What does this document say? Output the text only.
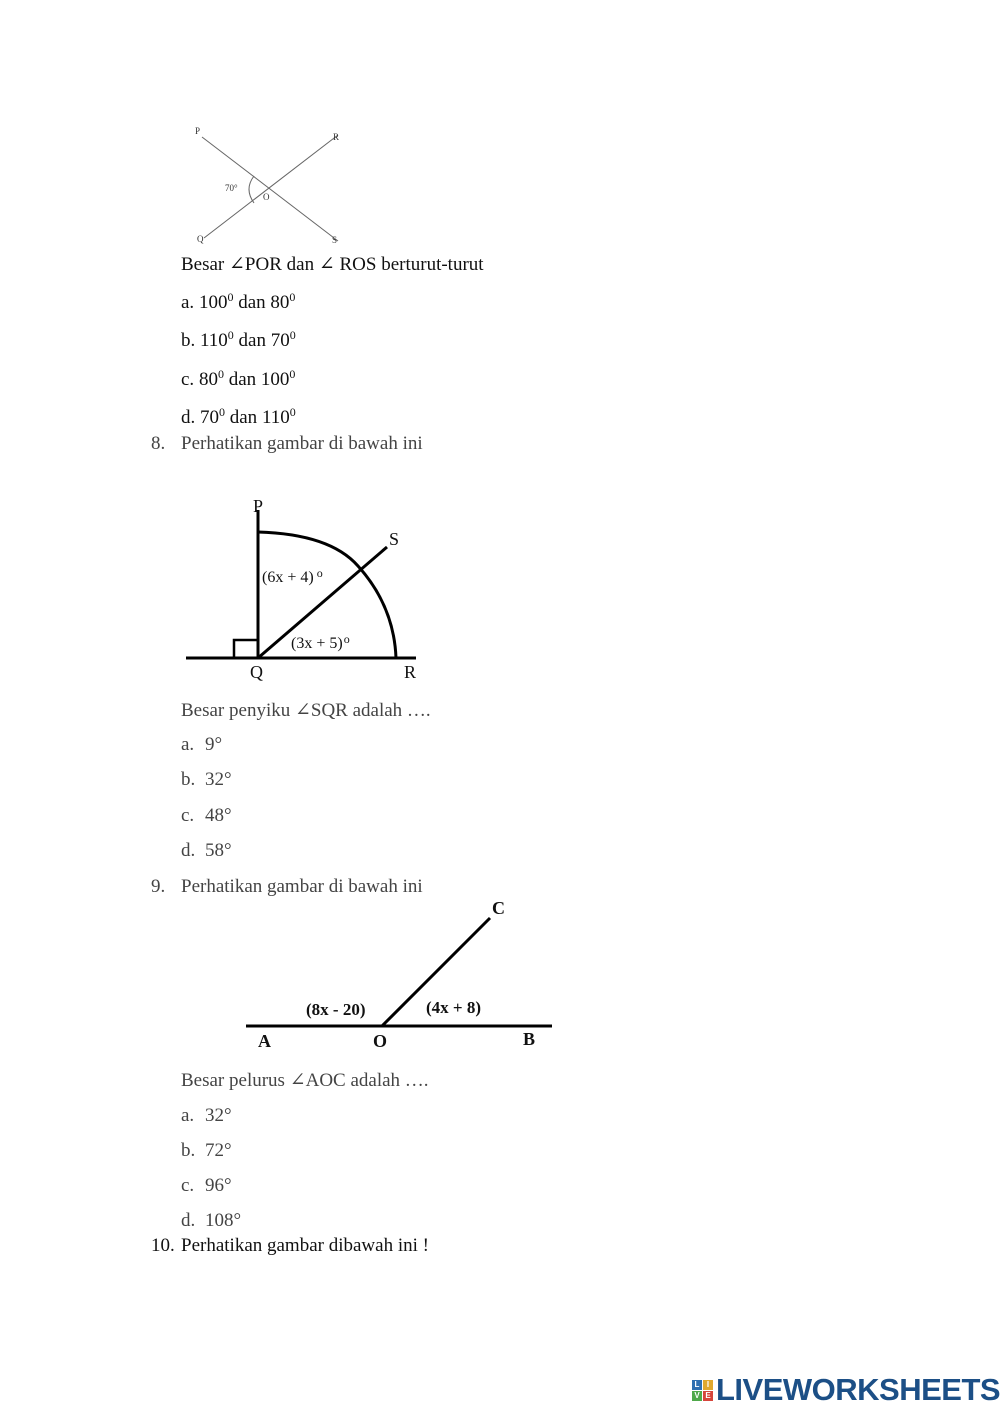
P
R
Q	S
O
70°
Besar ∠POR dan ∠ ROS berturut-turut
a. $100^0$ dan $80^0$
b. $110^0$ dan $70^0$
c. $80^0$ dan $100^0$
d. $70^0$ dan $110^0$
8. Perhatikan gambar di bawah ini
P
S
Q	R
(6x + 4) $^o$
$(3x + 5)^o$
Besar penyiku ∠SQR adalah ….
a. 9°
b. 32°
c. 48°
d. 58°
9. Perhatikan gambar di bawah ini
C
A	O	B
(8x - 20)	(4x + 8)
Besar pelurus ∠AOC adalah ….
a. 32°
b. 72°
c. 96°
d. 108°
10. Perhatikan gambar dibawah ini !
L I
V E LIVEWORKSHEETS
